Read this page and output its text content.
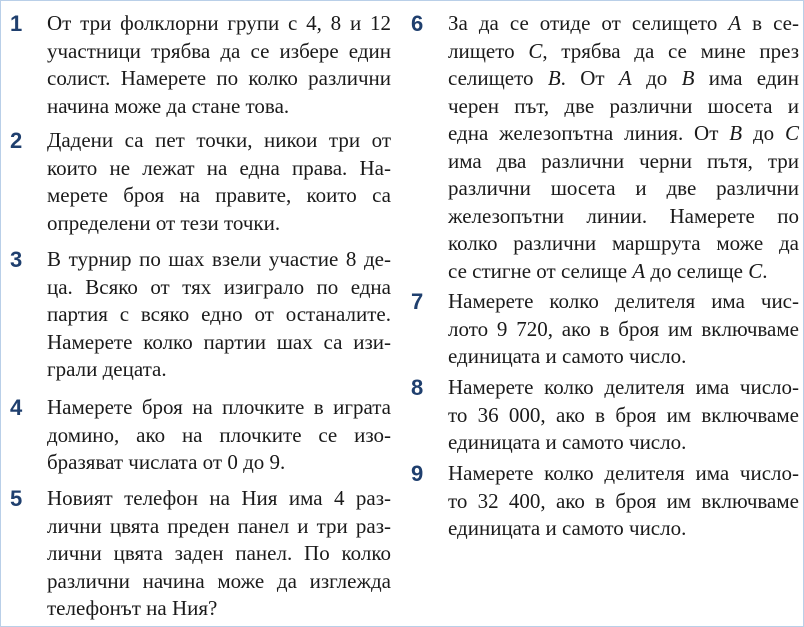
1 От три фолклорни групи с 4, 8 и 12
участници трябва да се избере един
солист. Намерете по колко различни
начина може да стане това.
2 Дадени са пет точки, никои три от
които не лежат на една права. На-
мерете броя на правите, които са
определени от тези точки.
3 В турнир по шах взели участие 8 де-
ца. Всяко от тях изиграло по една
партия с всяко едно от останалите.
Намерете колко партии шах са изи-
грали децата.
4 Намерете броя на плочките в играта
домино, ако на плочките се изо-
бразяват числата от 0 до 9.
5 Новият телефон на Ния има 4 раз-
лични цвята преден панел и три раз-
лични цвята заден панел. По колко
различни начина може да изглежда
телефонът на Ния?
6 За да се отиде от селището A в се-
лището C, трябва да се мине през
селището B. От A до B има един
черен път, две различни шосета и
една железопътна линия. От B до C
има два различни черни пътя, три
различни шосета и две различни
железопътни линии. Намерете по
колко различни маршрута може да
се стигне от селище A до селище C.
7 Намерете колко делителя има чис-
лото 9 720, ако в броя им включваме
единицата и самото число.
8 Намерете колко делителя има числo-
то 36 000, ако в броя им включваме
единицата и самото число.
9 Намерете колко делителя има числo-
то 32 400, ако в броя им включваме
единицата и самото число.
